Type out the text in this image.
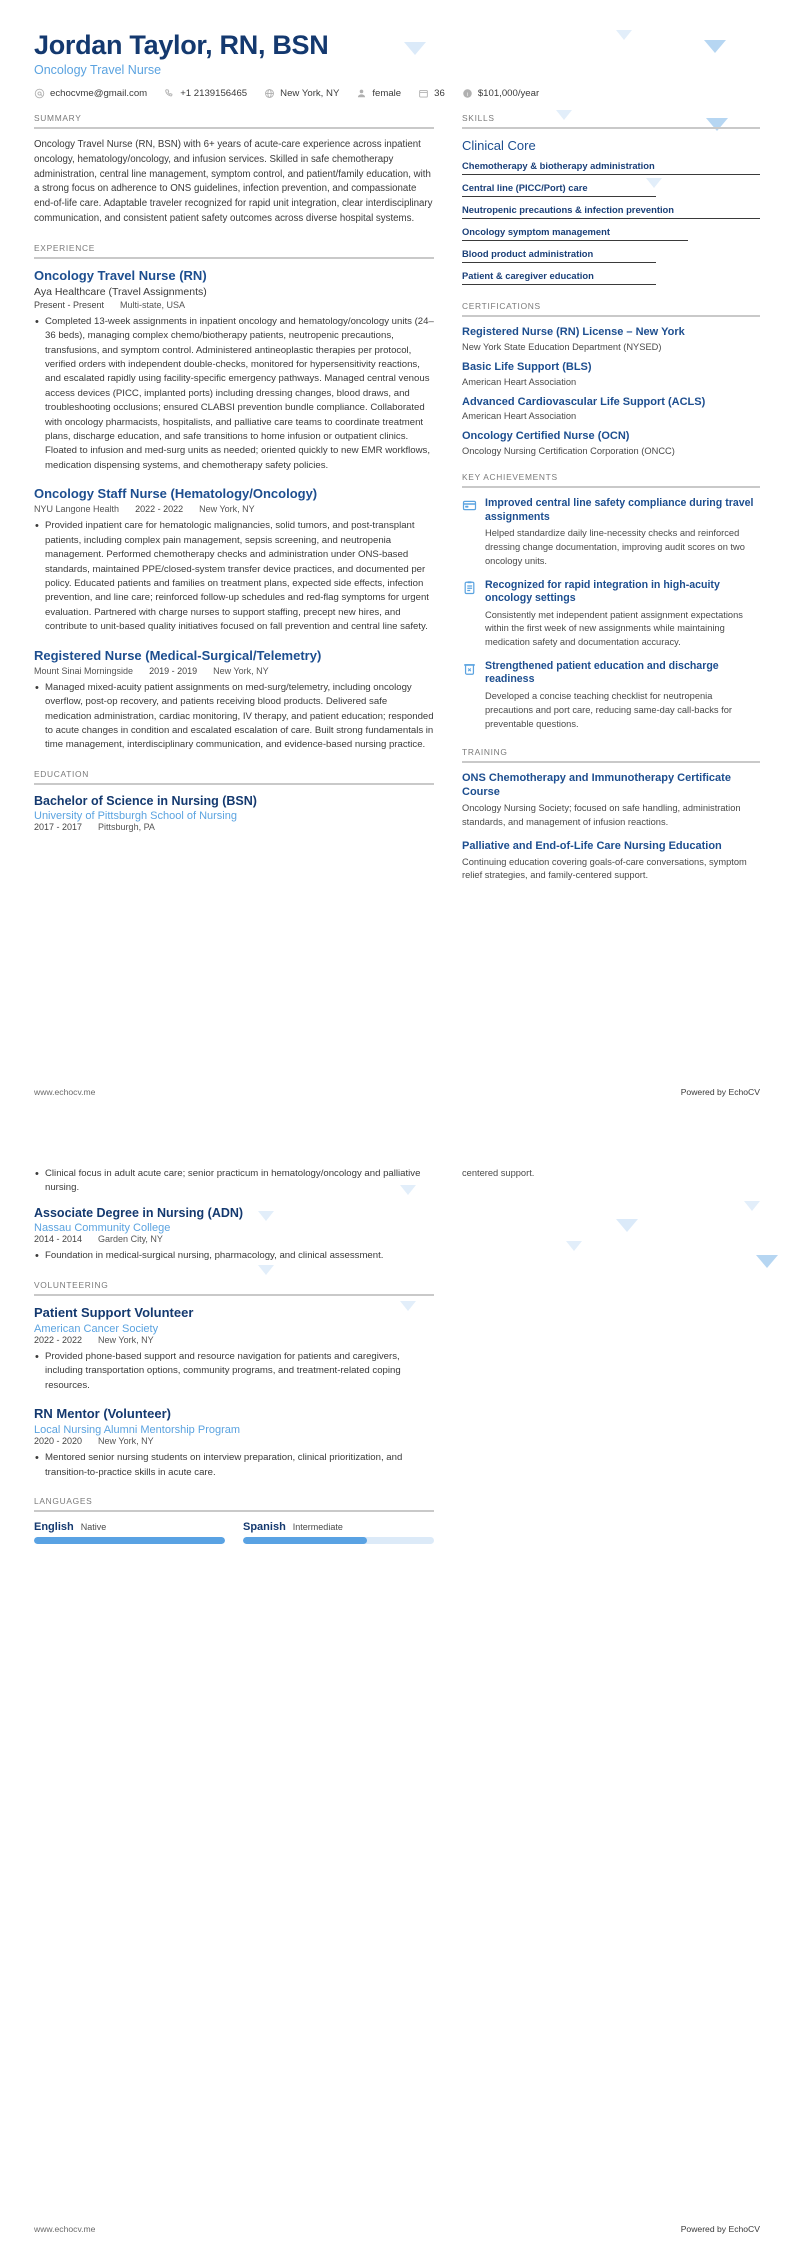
Jordan Taylor, RN, BSN
Oncology Travel Nurse
echocvme@gmail.com	+1 2139156465	New York, NY	female	36	i $101,000/year
SUMMARY
Oncology Travel Nurse (RN, BSN) with 6+ years of acute-care experience across inpatient oncology, hematology/oncology, and infusion services. Skilled in safe chemotherapy administration, central line management, symptom control, and patient/family education, with a strong focus on adherence to ONS guidelines, infection prevention, and compassionate end-of-life care. Adaptable traveler recognized for rapid unit integration, clear interdisciplinary communication, and consistent patient safety outcomes across diverse hospital systems.
EXPERIENCE
Oncology Travel Nurse (RN)
Aya Healthcare (Travel Assignments)
Present - Present Multi-state, USA
• Completed 13-week assignments in inpatient oncology and hematology/oncology units (24–36 beds), managing complex chemo/biotherapy patients, neutropenic precautions, transfusions, and symptom control. Administered antineoplastic therapies per protocol, verified orders with independent double-checks, monitored for hypersensitivity reactions, and escalated rapidly using facility-specific emergency pathways. Managed central venous access devices (PICC, implanted ports) including dressing changes, blood draws, and troubleshooting occlusions; ensured CLABSI prevention bundle compliance. Collaborated with oncology pharmacists, hospitalists, and palliative care teams to coordinate treatment plans, discharge education, and safe transitions to home infusion or outpatient clinics. Floated to infusion and med-surg units as needed; oriented quickly to new EMR workflows, medication dispensing systems, and chemotherapy safety policies.
Oncology Staff Nurse (Hematology/Oncology)
NYU Langone Health 2022 - 2022 New York, NY
• Provided inpatient care for hematologic malignancies, solid tumors, and post-transplant patients, including complex pain management, sepsis screening, and neutropenia management. Performed chemotherapy checks and administration under ONS-based standards, maintained PPE/closed-system transfer device practices, and documented per policy. Educated patients and families on treatment plans, expected side effects, infection prevention, and line care; reinforced follow-up schedules and red-flag symptoms for urgent evaluation. Partnered with charge nurses to support staffing, precept new hires, and contribute to unit-based quality initiatives focused on fall prevention and central line safety.
Registered Nurse (Medical-Surgical/Telemetry)
Mount Sinai Morningside 2019 - 2019 New York, NY
• Managed mixed-acuity patient assignments on med-surg/telemetry, including oncology overflow, post-op recovery, and patients receiving blood products. Delivered safe medication administration, cardiac monitoring, IV therapy, and patient education; responded to acute changes in condition and escalated escalation of care. Built strong fundamentals in time management, interdisciplinary communication, and evidence-based nursing practice.
EDUCATION
Bachelor of Science in Nursing (BSN)
University of Pittsburgh School of Nursing
2017 - 2017 Pittsburgh, PA
SKILLS
Clinical Core
Chemotherapy & biotherapy administration
Central line (PICC/Port) care
Neutropenic precautions & infection prevention
Oncology symptom management
Blood product administration
Patient & caregiver education
CERTIFICATIONS
Registered Nurse (RN) License – New York
New York State Education Department (NYSED)
Basic Life Support (BLS)
American Heart Association
Advanced Cardiovascular Life Support (ACLS)
American Heart Association
Oncology Certified Nurse (OCN)
Oncology Nursing Certification Corporation (ONCC)
KEY ACHIEVEMENTS
Improved central line safety compliance during travel assignments
Helped standardize daily line-necessity checks and reinforced dressing change documentation, improving audit scores on two oncology units.
Recognized for rapid integration in high-acuity oncology settings
Consistently met independent patient assignment expectations within the first week of new assignments while maintaining medication safety and documentation accuracy.
Strengthened patient education and discharge readiness
Developed a concise teaching checklist for neutropenia precautions and port care, reducing same-day call-backs for preventable questions.
TRAINING
ONS Chemotherapy and Immunotherapy Certificate Course
Oncology Nursing Society; focused on safe handling, administration standards, and management of infusion reactions.
Palliative and End-of-Life Care Nursing Education
Continuing education covering goals-of-care conversations, symptom relief strategies, and family-centered support.
www.echocv.me	Powered by EchoCV
• Clinical focus in adult acute care; senior practicum in hematology/oncology and palliative nursing.
Associate Degree in Nursing (ADN)
Nassau Community College
2014 - 2014 Garden City, NY
• Foundation in medical-surgical nursing, pharmacology, and clinical assessment.
VOLUNTEERING
Patient Support Volunteer
American Cancer Society
2022 - 2022 New York, NY
• Provided phone-based support and resource navigation for patients and caregivers, including transportation options, community programs, and treatment-related coping resources.
RN Mentor (Volunteer)
Local Nursing Alumni Mentorship Program
2020 - 2020 New York, NY
• Mentored senior nursing students on interview preparation, clinical prioritization, and transition-to-practice skills in acute care.
LANGUAGES
English Native	Spanish Intermediate
centered support.
www.echocv.me	Powered by EchoCV
